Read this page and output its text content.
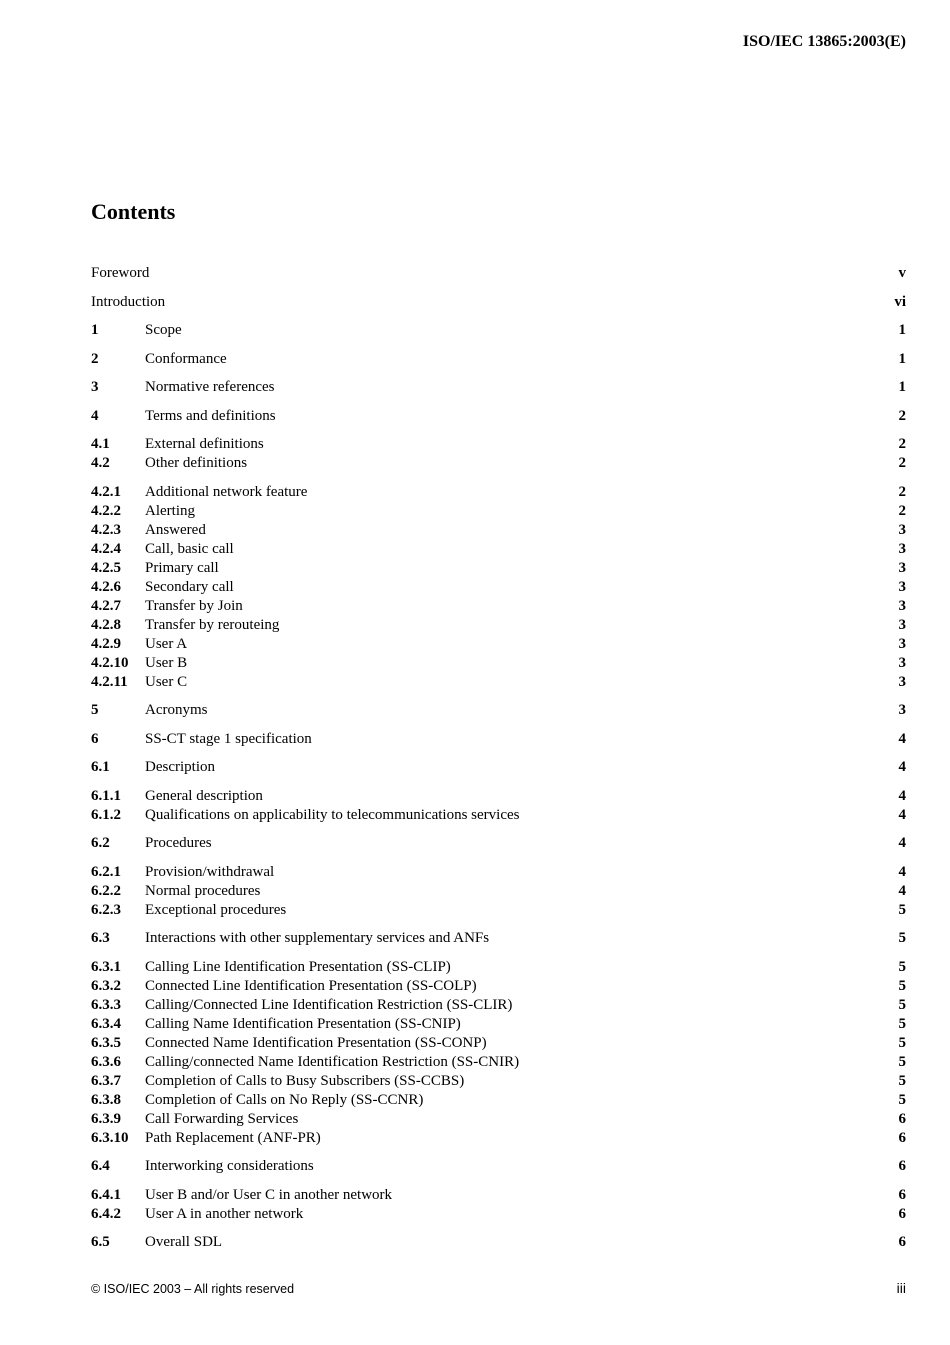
ISO/IEC 13865:2003(E)
Contents
Foreword	v
Introduction	vi
1	Scope	1
2	Conformance	1
3	Normative references	1
4	Terms and definitions	2
4.1 External definitions	2
4.2 Other definitions	2
4.2.1 Additional network feature	2
4.2.2 Alerting	2
4.2.3 Answered	3
4.2.4 Call, basic call	3
4.2.5 Primary call	3
4.2.6 Secondary call	3
4.2.7 Transfer by Join	3
4.2.8 Transfer by rerouteing	3
4.2.9 User A	3
4.2.10 User B	3
4.2.11 User C	3
5	Acronyms	3
6	SS-CT stage 1 specification	4
6.1 Description	4
6.1.1 General description	4
6.1.2 Qualifications on applicability to telecommunications services	4
6.2 Procedures	4
6.2.1 Provision/withdrawal	4
6.2.2 Normal procedures	4
6.2.3 Exceptional procedures	5
6.3 Interactions with other supplementary services and ANFs	5
6.3.1 Calling Line Identification Presentation (SS-CLIP)	5
6.3.2 Connected Line Identification Presentation (SS-COLP)	5
6.3.3 Calling/Connected Line Identification Restriction (SS-CLIR)	5
6.3.4 Calling Name Identification Presentation (SS-CNIP)	5
6.3.5 Connected Name Identification Presentation (SS-CONP)	5
6.3.6 Calling/connected Name Identification Restriction (SS-CNIR)	5
6.3.7 Completion of Calls to Busy Subscribers (SS-CCBS)	5
6.3.8 Completion of Calls on No Reply (SS-CCNR)	5
6.3.9 Call Forwarding Services	6
6.3.10 Path Replacement (ANF-PR)	6
6.4 Interworking considerations	6
6.4.1 User B and/or User C in another network	6
6.4.2 User A in another network	6
6.5 Overall SDL	6
© ISO/IEC 2003 – All rights reserved	iii
